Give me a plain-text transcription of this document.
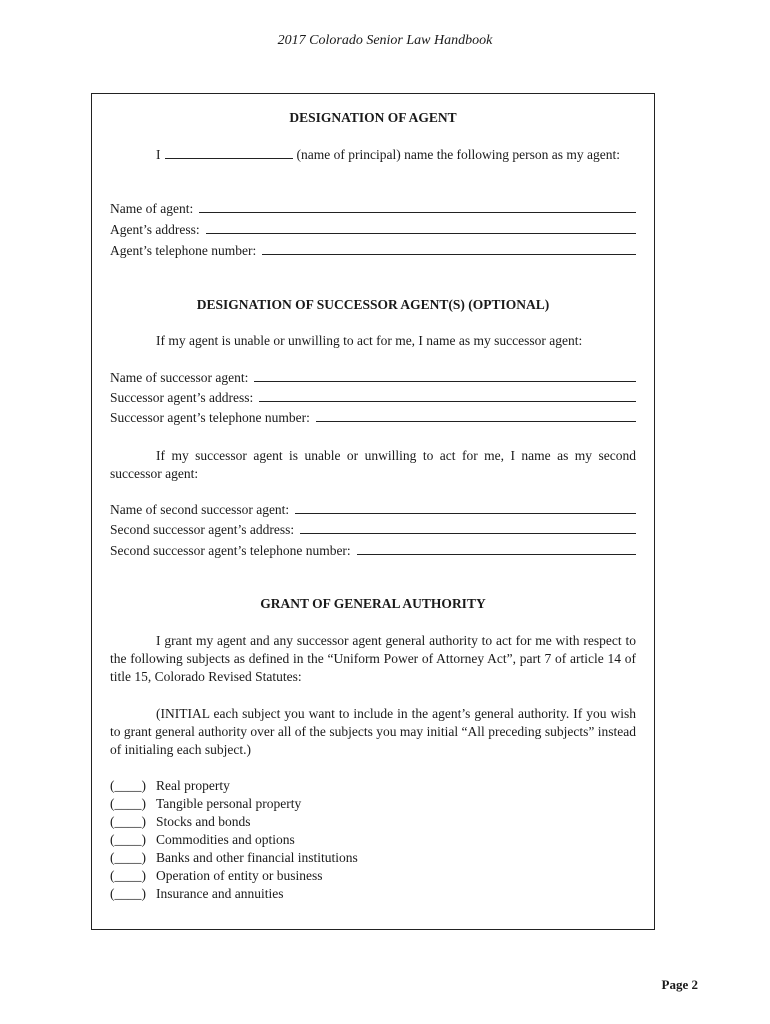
2017 Colorado Senior Law Handbook
DESIGNATION OF AGENT
I	(name of principal) name the following person as my agent:
Name of agent:
Agent’s address:
Agent’s telephone number:
DESIGNATION OF SUCCESSOR AGENT(S) (OPTIONAL)
If my agent is unable or unwilling to act for me, I name as my successor agent:
Name of successor agent:
Successor agent’s address:
Successor agent’s telephone number:
If my successor agent is unable or unwilling to act for me, I name as my second successor agent:
Name of second successor agent:
Second successor agent’s address:
Second successor agent’s telephone number:
GRANT OF GENERAL AUTHORITY
I grant my agent and any successor agent general authority to act for me with respect to the following subjects as defined in the “Uniform Power of Attorney Act”, part 7 of article 14 of title 15, Colorado Revised Statutes:
(INITIAL each subject you want to include in the agent’s general authority. If you wish to grant general authority over all of the subjects you may initial “All preceding subjects” instead of initialing each subject.)
(____) Real property
(____) Tangible personal property
(____) Stocks and bonds
(____) Commodities and options
(____) Banks and other financial institutions
(____) Operation of entity or business
(____) Insurance and annuities
Page 2
